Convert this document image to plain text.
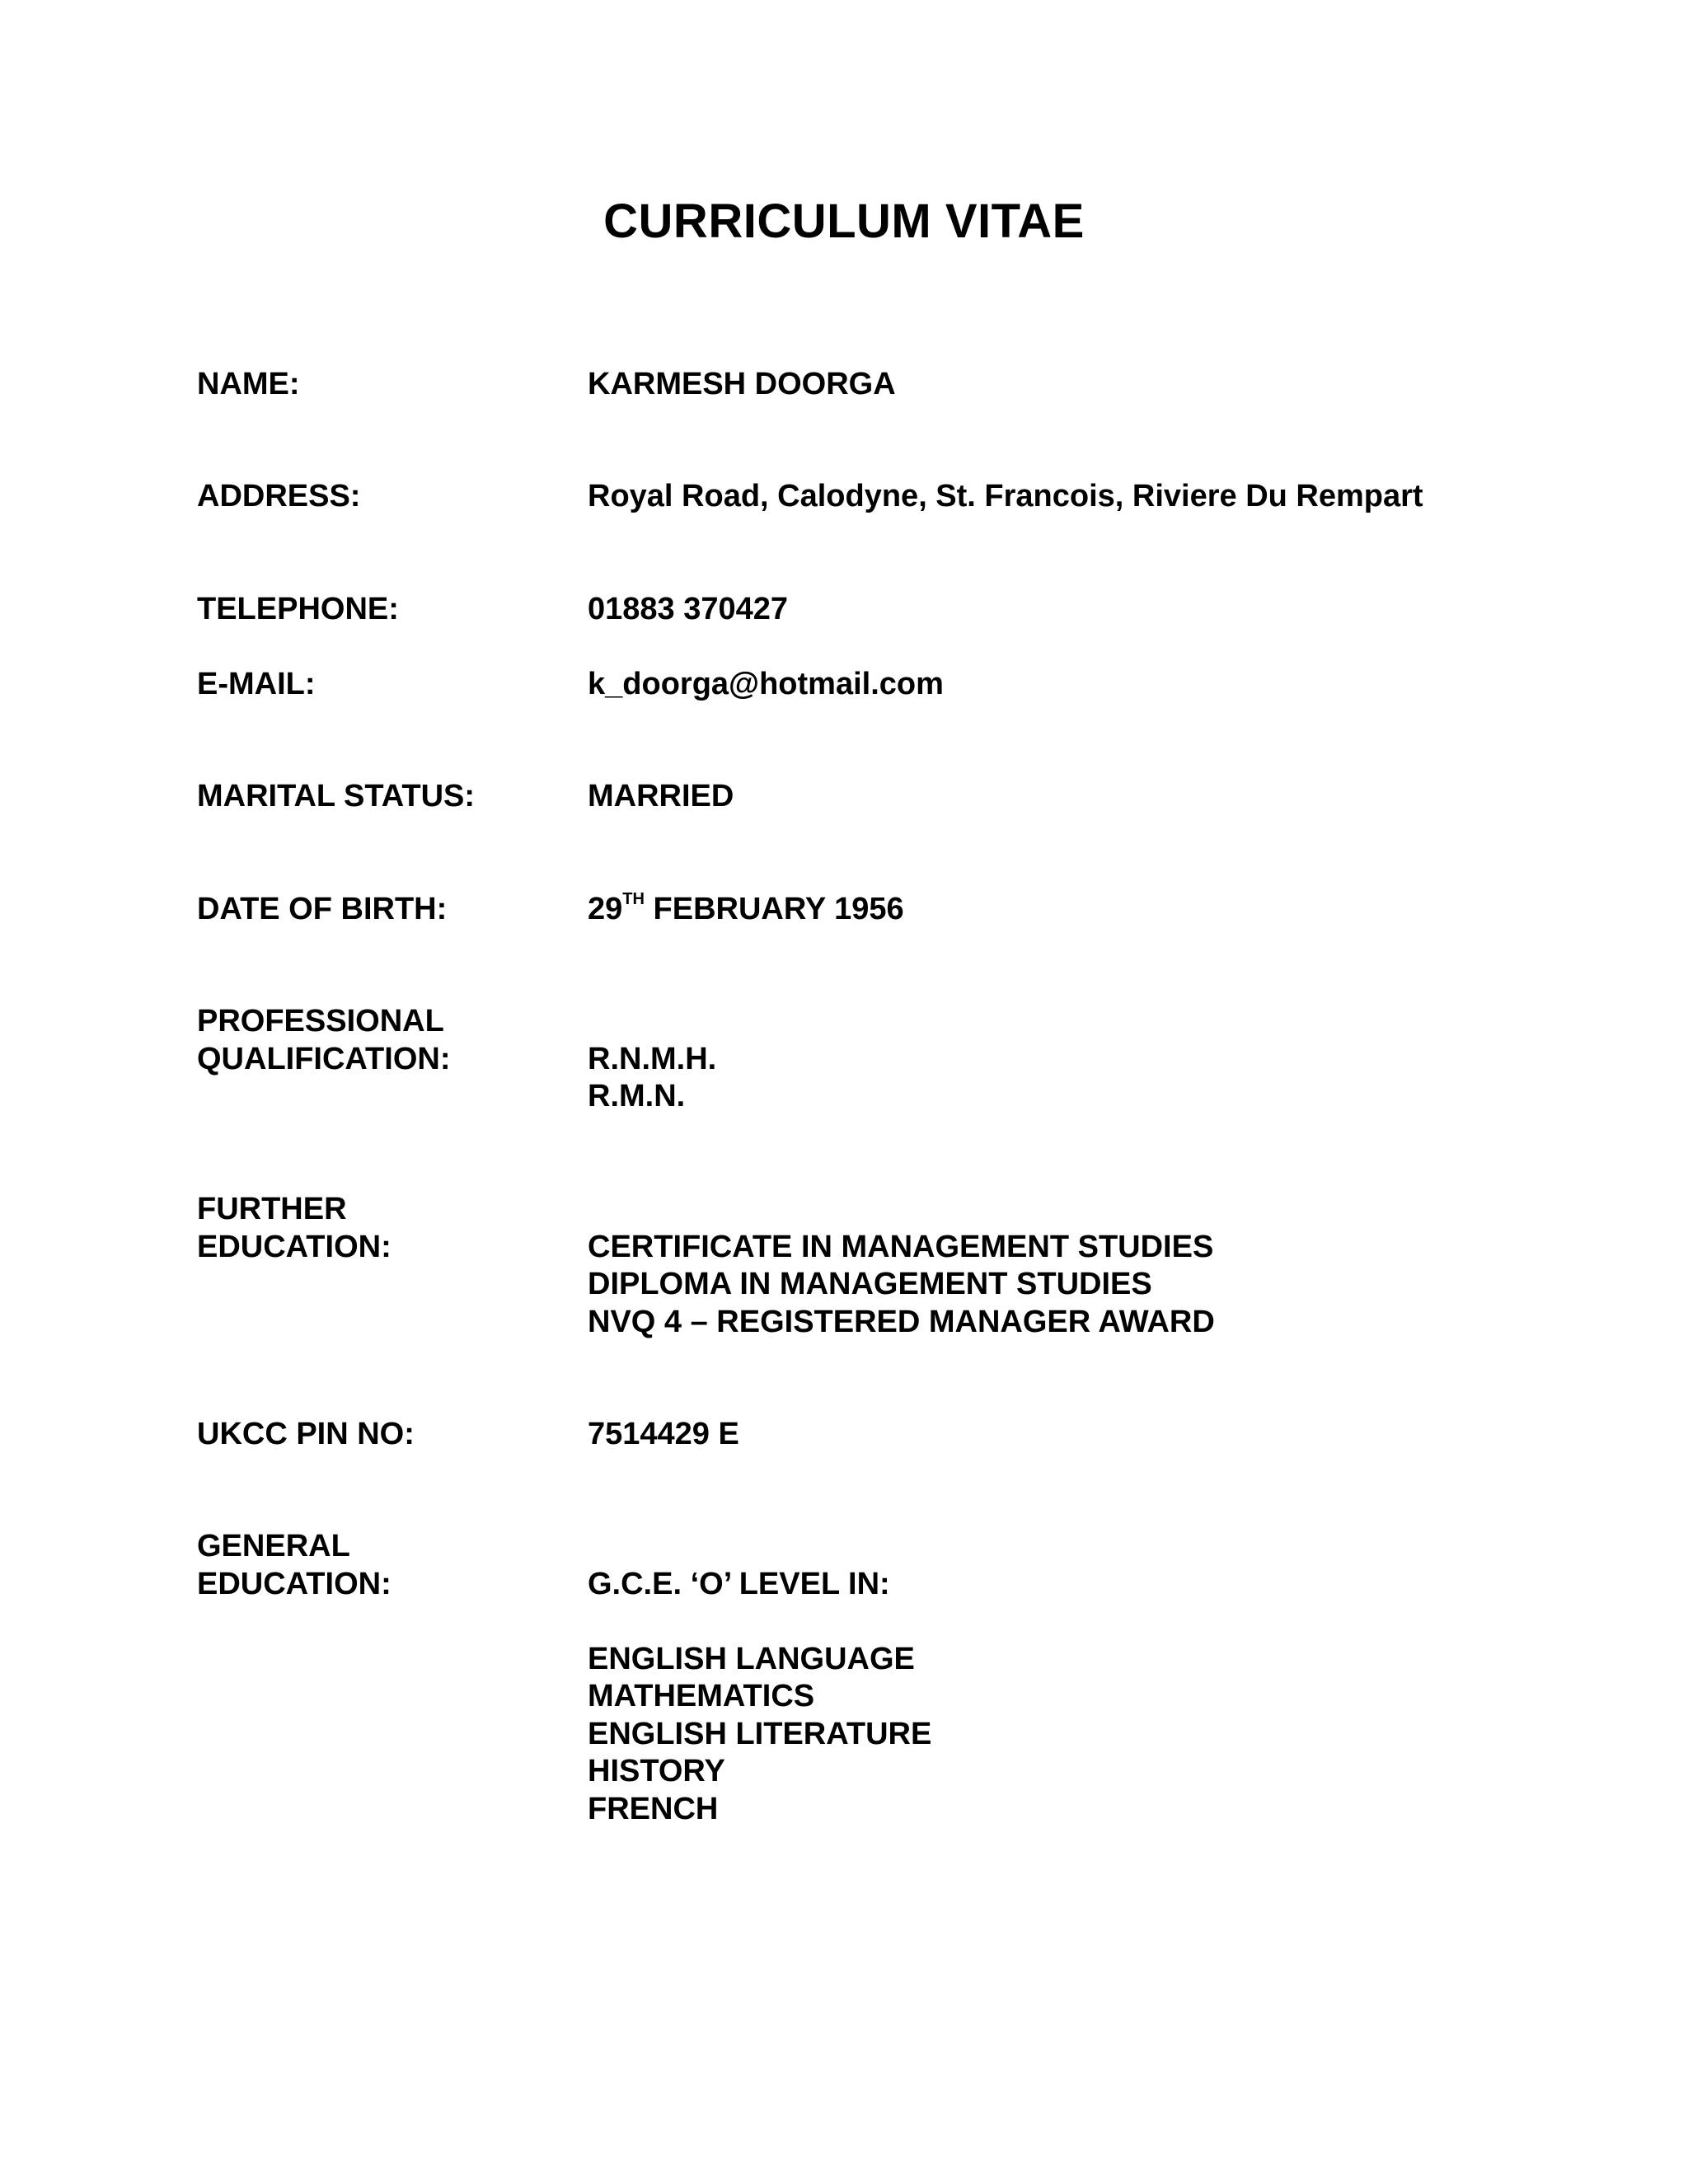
CURRICULUM VITAE
NAME:	KARMESH DOORGA
ADDRESS:	Royal Road, Calodyne, St. Francois, Riviere Du Rempart
TELEPHONE:	01883 370427
E-MAIL:	k_doorga@hotmail.com
MARITAL STATUS:	MARRIED
DATE OF BIRTH:	29TH FEBRUARY 1956
PROFESSIONAL
QUALIFICATION:	R.N.M.H.
R.M.N.
FURTHER
EDUCATION:	CERTIFICATE IN MANAGEMENT STUDIES
DIPLOMA IN MANAGEMENT STUDIES
NVQ 4 – REGISTERED MANAGER AWARD
UKCC PIN NO:	7514429 E
GENERAL
EDUCATION:	G.C.E. ‘O’ LEVEL IN:
ENGLISH LANGUAGE
MATHEMATICS
ENGLISH LITERATURE
HISTORY
FRENCH
